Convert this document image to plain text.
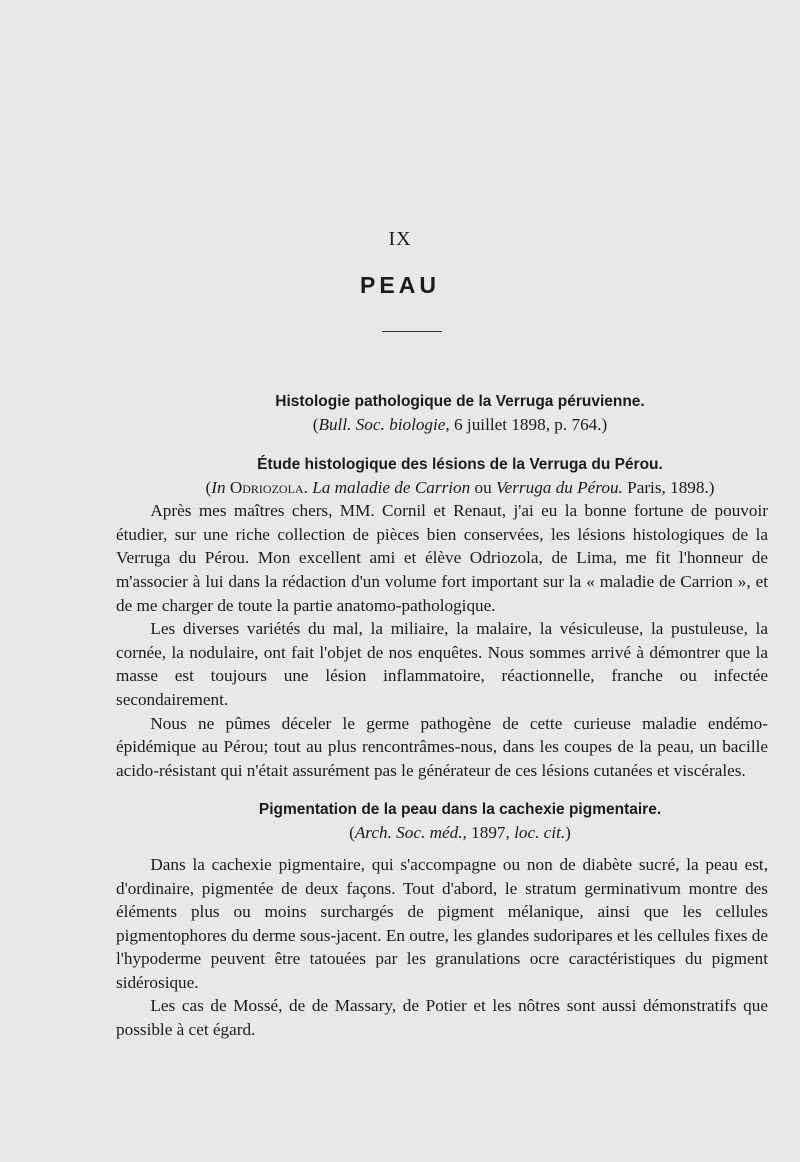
IX
PEAU

Histologie pathologique de la Verruga péruvienne.

(Bull. Soc. biologie, 6 juillet 1898, p. 764.)

Étude histologique des lésions de la Verruga du Pérou.

(In Odriozola. La maladie de Carrion ou Verruga du Pérou. Paris, 1898.)

Après mes maîtres chers, MM. Cornil et Renaut, j'ai eu la bonne fortune de pouvoir étudier, sur une riche collection de pièces bien conservées, les lésions histologiques de la Verruga du Pérou. Mon excellent ami et élève Odriozola, de Lima, me fit l'honneur de m'associer à lui dans la rédaction d'un volume fort important sur la « maladie de Carrion », et de me charger de toute la partie anatomo-pathologique.

Les diverses variétés du mal, la miliaire, la malaire, la vésiculeuse, la pustuleuse, la cornée, la nodulaire, ont fait l'objet de nos enquêtes. Nous sommes arrivé à démontrer que la masse est toujours une lésion inflammatoire, réactionnelle, franche ou infectée secondairement.

Nous ne pûmes déceler le germe pathogène de cette curieuse maladie endémo-épidémique au Pérou; tout au plus rencontrâmes-nous, dans les coupes de la peau, un bacille acido-résistant qui n'était assurément pas le générateur de ces lésions cutanées et viscérales.

Pigmentation de la peau dans la cachexie pigmentaire.

(Arch. Soc. méd., 1897, loc. cit.)

Dans la cachexie pigmentaire, qui s'accompagne ou non de diabète sucré, la peau est, d'ordinaire, pigmentée de deux façons. Tout d'abord, le stratum germinativum montre des éléments plus ou moins surchargés de pigment mélanique, ainsi que les cellules pigmentophores du derme sous-jacent. En outre, les glandes sudoripares et les cellules fixes de l'hypoderme peuvent être tatouées par les granulations ocre caractéristiques du pigment sidérosique.

Les cas de Mossé, de de Massary, de Potier et les nôtres sont aussi démonstratifs que possible à cet égard.
